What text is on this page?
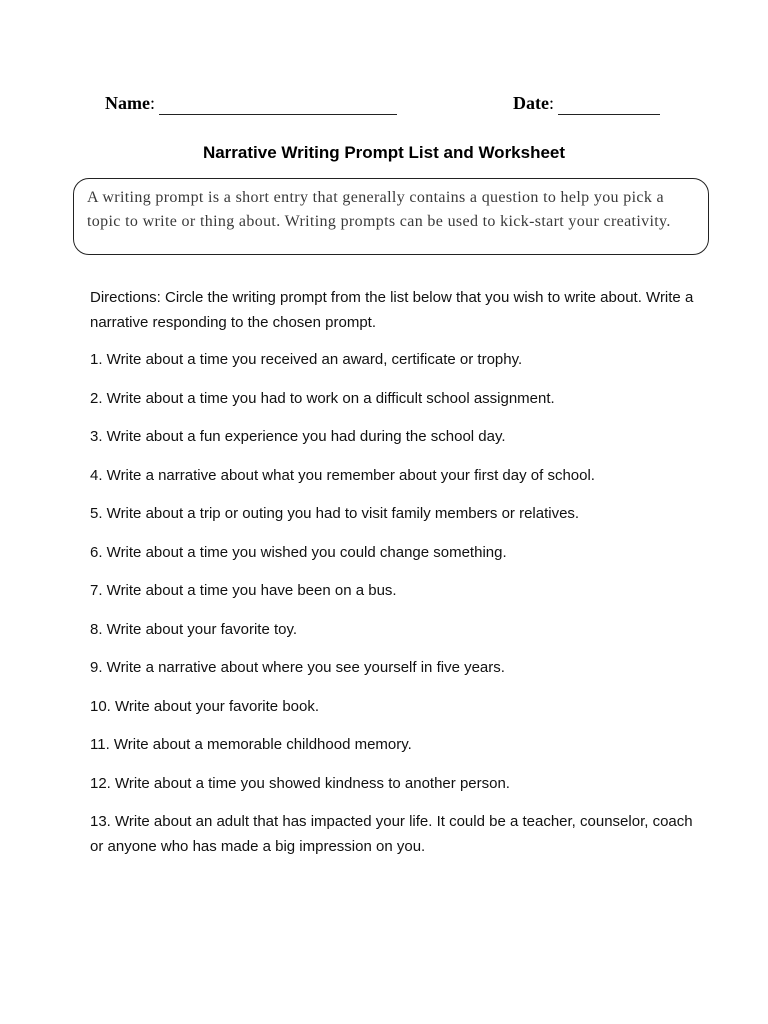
Name:	Date:
Narrative Writing Prompt List and Worksheet
A writing prompt is a short entry that generally contains a question to help you pick a topic to write or thing about. Writing prompts can be used to kick-start your creativity.
Directions: Circle the writing prompt from the list below that you wish to write about. Write a narrative responding to the chosen prompt.
1. Write about a time you received an award, certificate or trophy.
2. Write about a time you had to work on a difficult school assignment.
3. Write about a fun experience you had during the school day.
4. Write a narrative about what you remember about your first day of school.
5. Write about a trip or outing you had to visit family members or relatives.
6. Write about a time you wished you could change something.
7. Write about a time you have been on a bus.
8. Write about your favorite toy.
9. Write a narrative about where you see yourself in five years.
10. Write about your favorite book.
11. Write about a memorable childhood memory.
12. Write about a time you showed kindness to another person.
13. Write about an adult that has impacted your life. It could be a teacher, counselor, coach or anyone who has made a big impression on you.
